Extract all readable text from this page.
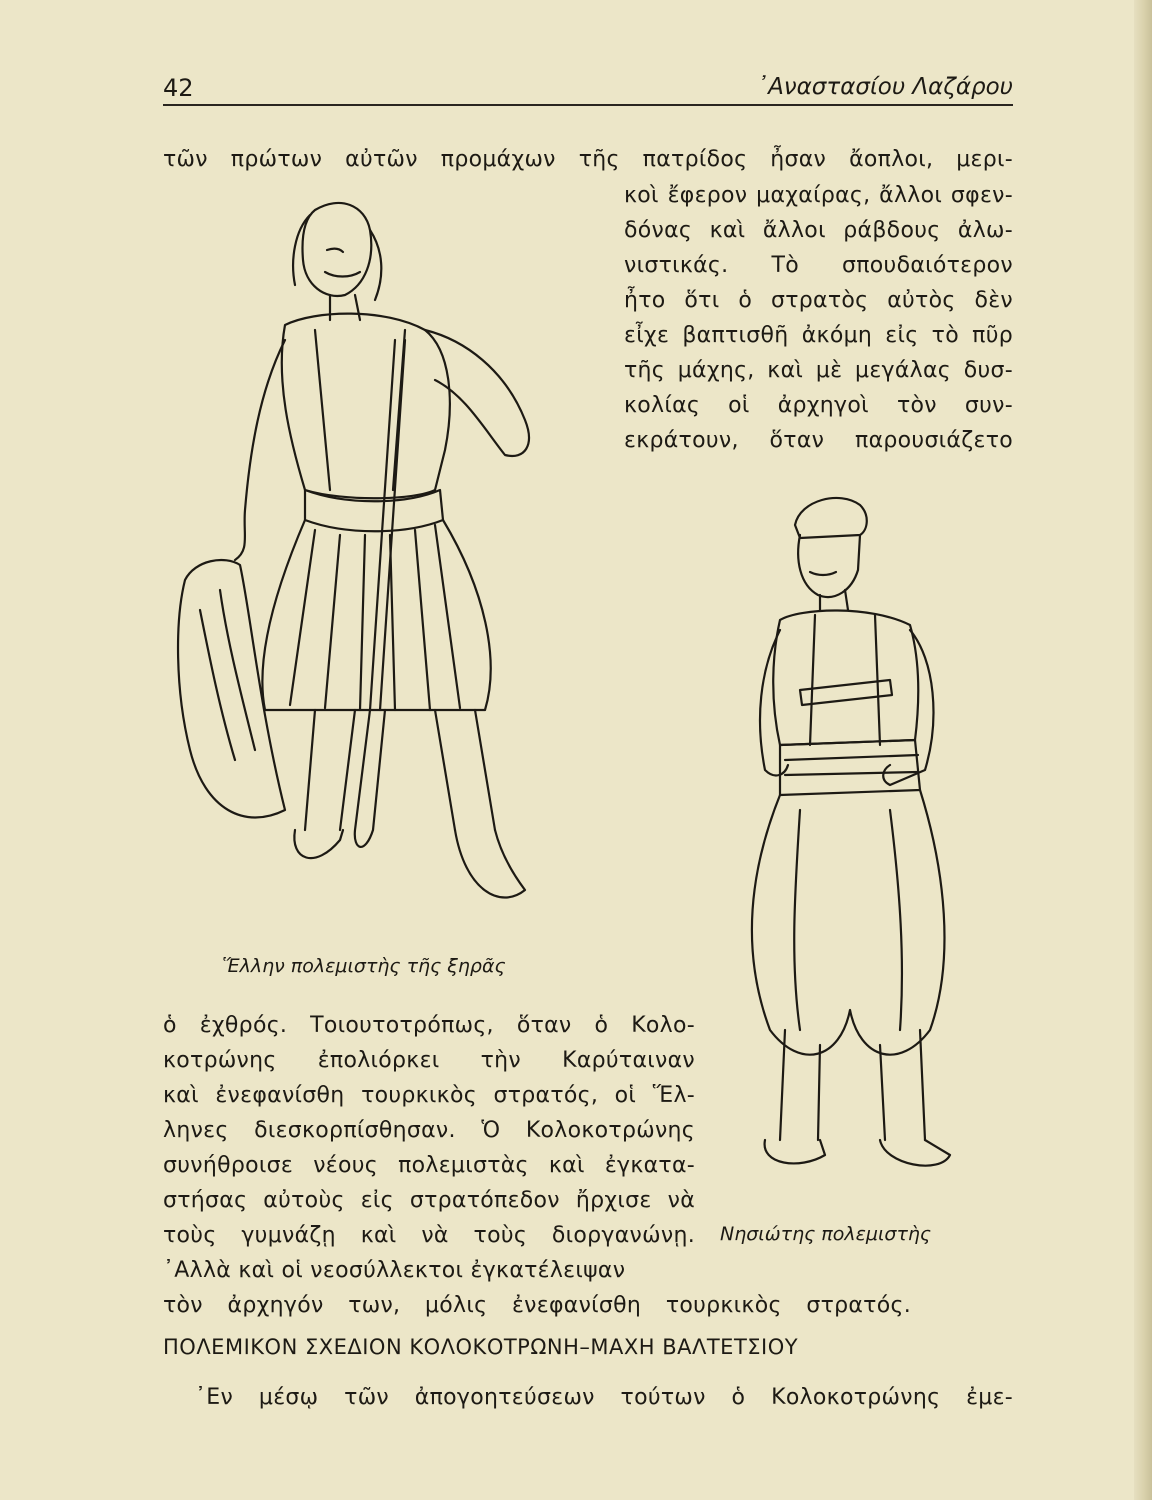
42	᾿Αναστασίου Λαζάρου
τῶν πρώτων αὐτῶν προμάχων τῆς πατρίδος ἦσαν ἄοπλοι, μερι-
κοὶ ἔφερον μαχαίρας, ἄλλοι σφεν-
δόνας καὶ ἄλλοι ράβδους ἀλω-
νιστικάς. Τὸ σπουδαιότερον
ἦτο ὅτι ὁ στρατὸς αὐτὸς δὲν
εἶχε βαπτισθῆ ἀκόμη εἰς τὸ πῦρ
τῆς μάχης, καὶ μὲ μεγάλας δυσ-
κολίας οἱ ἀρχηγοὶ τὸν συν-
εκράτουν, ὅταν παρουσιάζετο
Ἕλλην πολεμιστὴς τῆς ξηρᾶς
Νησιώτης πολεμιστὴς
ὁ ἐχθρός. Τοιουτοτρόπως, ὅταν ὁ Κολο-
κοτρώνης ἐπολιόρκει τὴν Καρύταιναν
καὶ ἐνεφανίσθη τουρκικὸς στρατός, οἱ Ἕλ-
ληνες διεσκορπίσθησαν. Ὁ Κολοκοτρώνης
συνήθροισε νέους πολεμιστὰς καὶ ἐγκατα-
στήσας αὐτοὺς εἰς στρατόπεδον ἤρχισε νὰ
τοὺς γυμνάζῃ καὶ νὰ τοὺς διοργανώνῃ.
᾿Αλλὰ καὶ οἱ νεοσύλλεκτοι ἐγκατέλειψαν
τὸν ἀρχηγόν των, μόλις ἐνεφανίσθη τουρκικὸς στρατός.
ΠΟΛΕΜΙΚΟΝ ΣΧΕΔΙΟΝ ΚΟΛΟΚΟΤΡΩΝΗ–ΜΑΧΗ ΒΑΛΤΕΤΣΙΟΥ
᾿Εν μέσῳ τῶν ἀπογοητεύσεων τούτων ὁ Κολοκοτρώνης ἐμε-
